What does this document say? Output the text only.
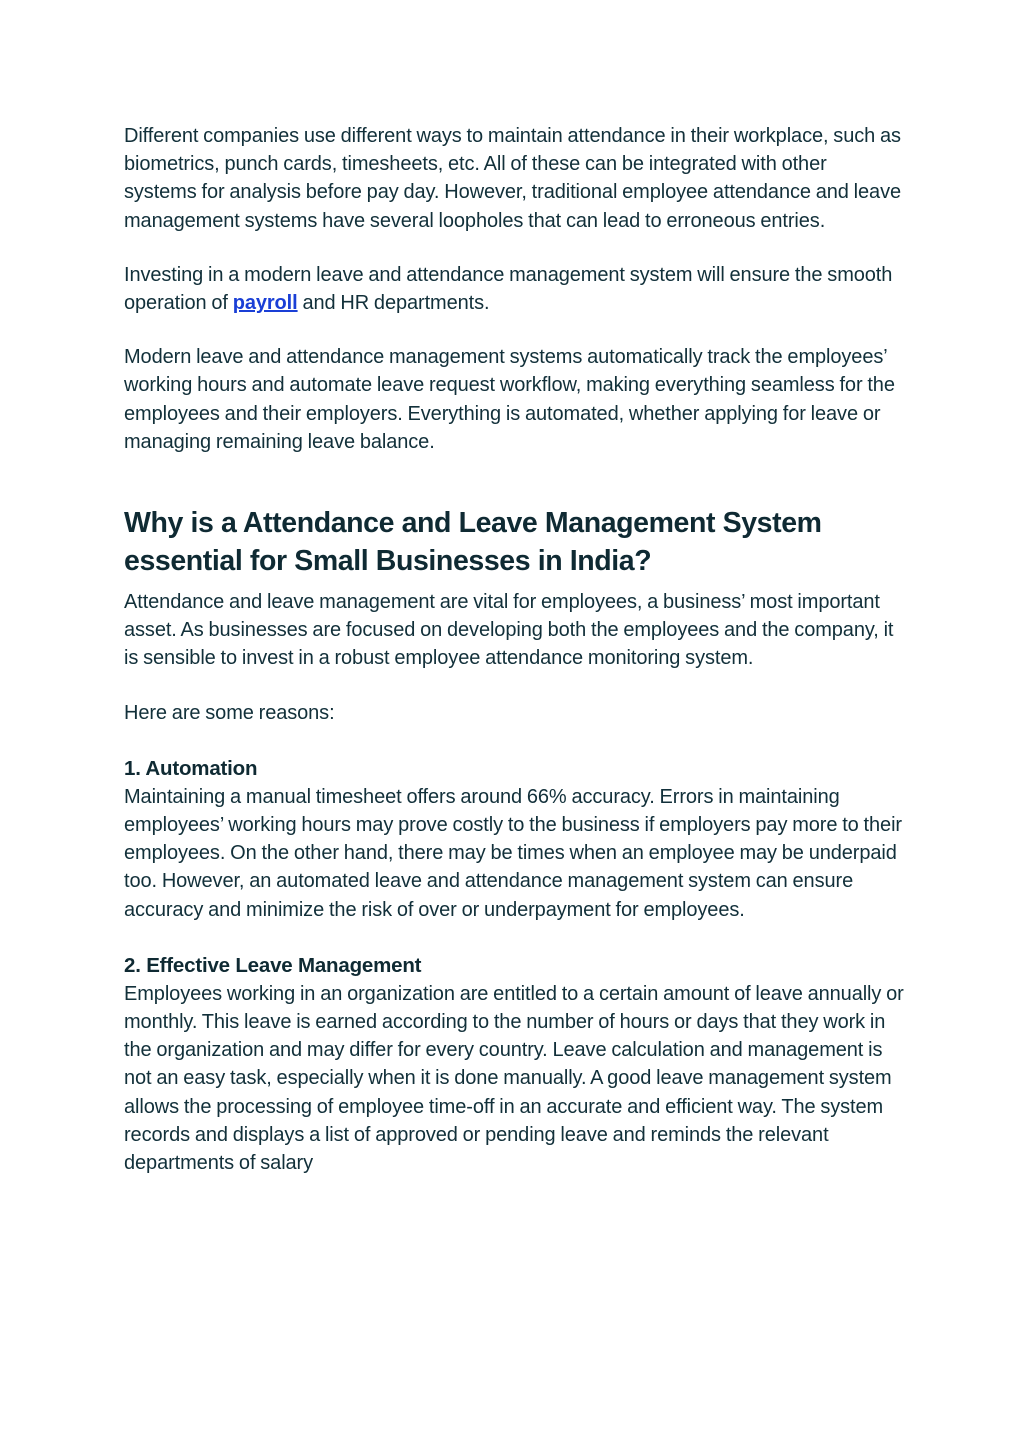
Different companies use different ways to maintain attendance in their workplace, such as biometrics, punch cards, timesheets, etc. All of these can be integrated with other systems for analysis before pay day. However, traditional employee attendance and leave management systems have several loopholes that can lead to erroneous entries.

Investing in a modern leave and attendance management system will ensure the smooth operation of payroll and HR departments.

Modern leave and attendance management systems automatically track the employees’ working hours and automate leave request workflow, making everything seamless for the employees and their employers. Everything is automated, whether applying for leave or managing remaining leave balance.

Why is a Attendance and Leave Management System essential for Small Businesses in India?

Attendance and leave management are vital for employees, a business’ most important asset. As businesses are focused on developing both the employees and the company, it is sensible to invest in a robust employee attendance monitoring system.

Here are some reasons:

1. Automation

Maintaining a manual timesheet offers around 66% accuracy. Errors in maintaining employees’ working hours may prove costly to the business if employers pay more to their employees. On the other hand, there may be times when an employee may be underpaid too. However, an automated leave and attendance management system can ensure accuracy and minimize the risk of over or underpayment for employees.

2. Effective Leave Management

Employees working in an organization are entitled to a certain amount of leave annually or monthly. This leave is earned according to the number of hours or days that they work in the organization and may differ for every country. Leave calculation and management is not an easy task, especially when it is done manually. A good leave management system allows the processing of employee time-off in an accurate and efficient way. The system records and displays a list of approved or pending leave and reminds the relevant departments of salary
